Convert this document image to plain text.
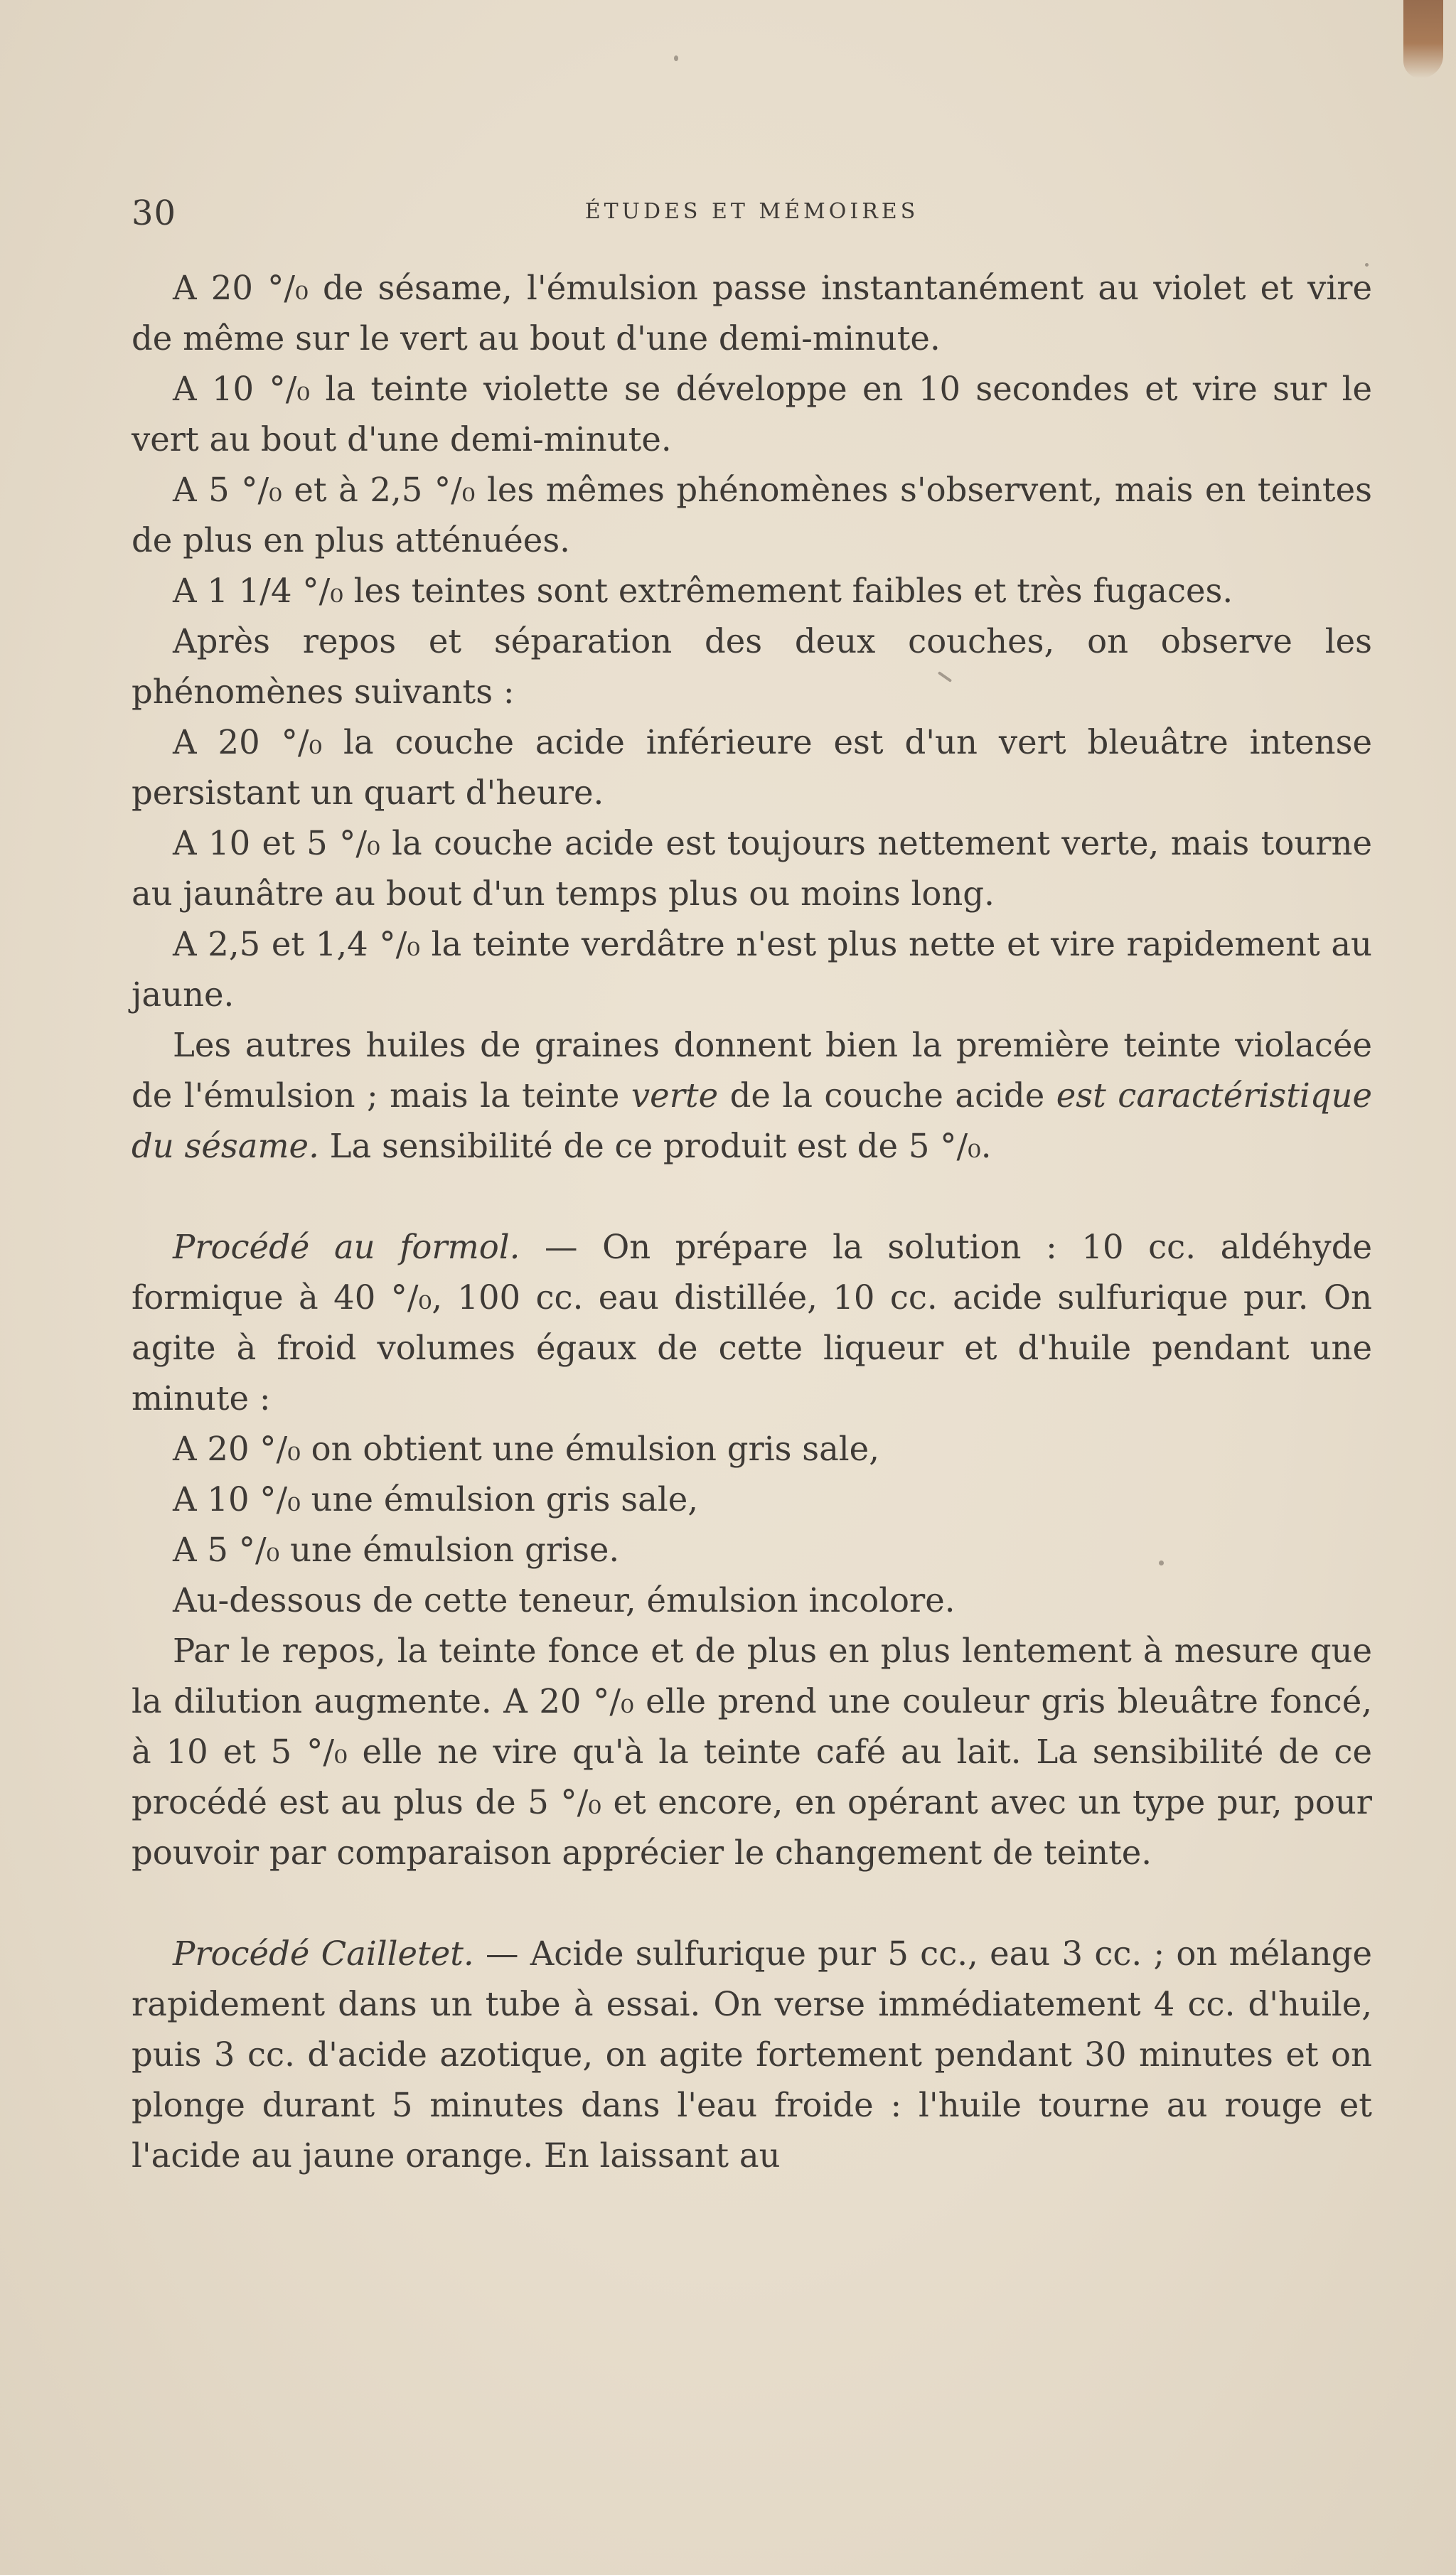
30	ÉTUDES ET MÉMOIRES

A 20 °/₀ de sésame, l'émulsion passe instantanément au violet et vire de même sur le vert au bout d'une demi-minute.

A 10 °/₀ la teinte violette se développe en 10 secondes et vire sur le vert au bout d'une demi-minute.

A 5 °/₀ et à 2,5 °/₀ les mêmes phénomènes s'observent, mais en teintes de plus en plus atténuées.

A 1 1/4 °/₀ les teintes sont extrêmement faibles et très fugaces.

Après repos et séparation des deux couches, on observe les phénomènes suivants :

A 20 °/₀ la couche acide inférieure est d'un vert bleuâtre intense persistant un quart d'heure.

A 10 et 5 °/₀ la couche acide est toujours nettement verte, mais tourne au jaunâtre au bout d'un temps plus ou moins long.

A 2,5 et 1,4 °/₀ la teinte verdâtre n'est plus nette et vire rapidement au jaune.

Les autres huiles de graines donnent bien la première teinte violacée de l'émulsion ; mais la teinte verte de la couche acide est caractéristique du sésame. La sensibilité de ce produit est de 5 °/₀.

Procédé au formol. — On prépare la solution : 10 cc. aldéhyde formique à 40 °/₀, 100 cc. eau distillée, 10 cc. acide sulfurique pur. On agite à froid volumes égaux de cette liqueur et d'huile pendant une minute :

A 20 °/₀ on obtient une émulsion gris sale,

A 10 °/₀ une émulsion gris sale,

A 5 °/₀ une émulsion grise.

Au-dessous de cette teneur, émulsion incolore.

Par le repos, la teinte fonce et de plus en plus lentement à mesure que la dilution augmente. A 20 °/₀ elle prend une couleur gris bleuâtre foncé, à 10 et 5 °/₀ elle ne vire qu'à la teinte café au lait. La sensibilité de ce procédé est au plus de 5 °/₀ et encore, en opérant avec un type pur, pour pouvoir par comparaison apprécier le changement de teinte.

Procédé Cailletet. — Acide sulfurique pur 5 cc., eau 3 cc. ; on mélange rapidement dans un tube à essai. On verse immédiatement 4 cc. d'huile, puis 3 cc. d'acide azotique, on agite fortement pendant 30 minutes et on plonge durant 5 minutes dans l'eau froide : l'huile tourne au rouge et l'acide au jaune orange. En laissant au
